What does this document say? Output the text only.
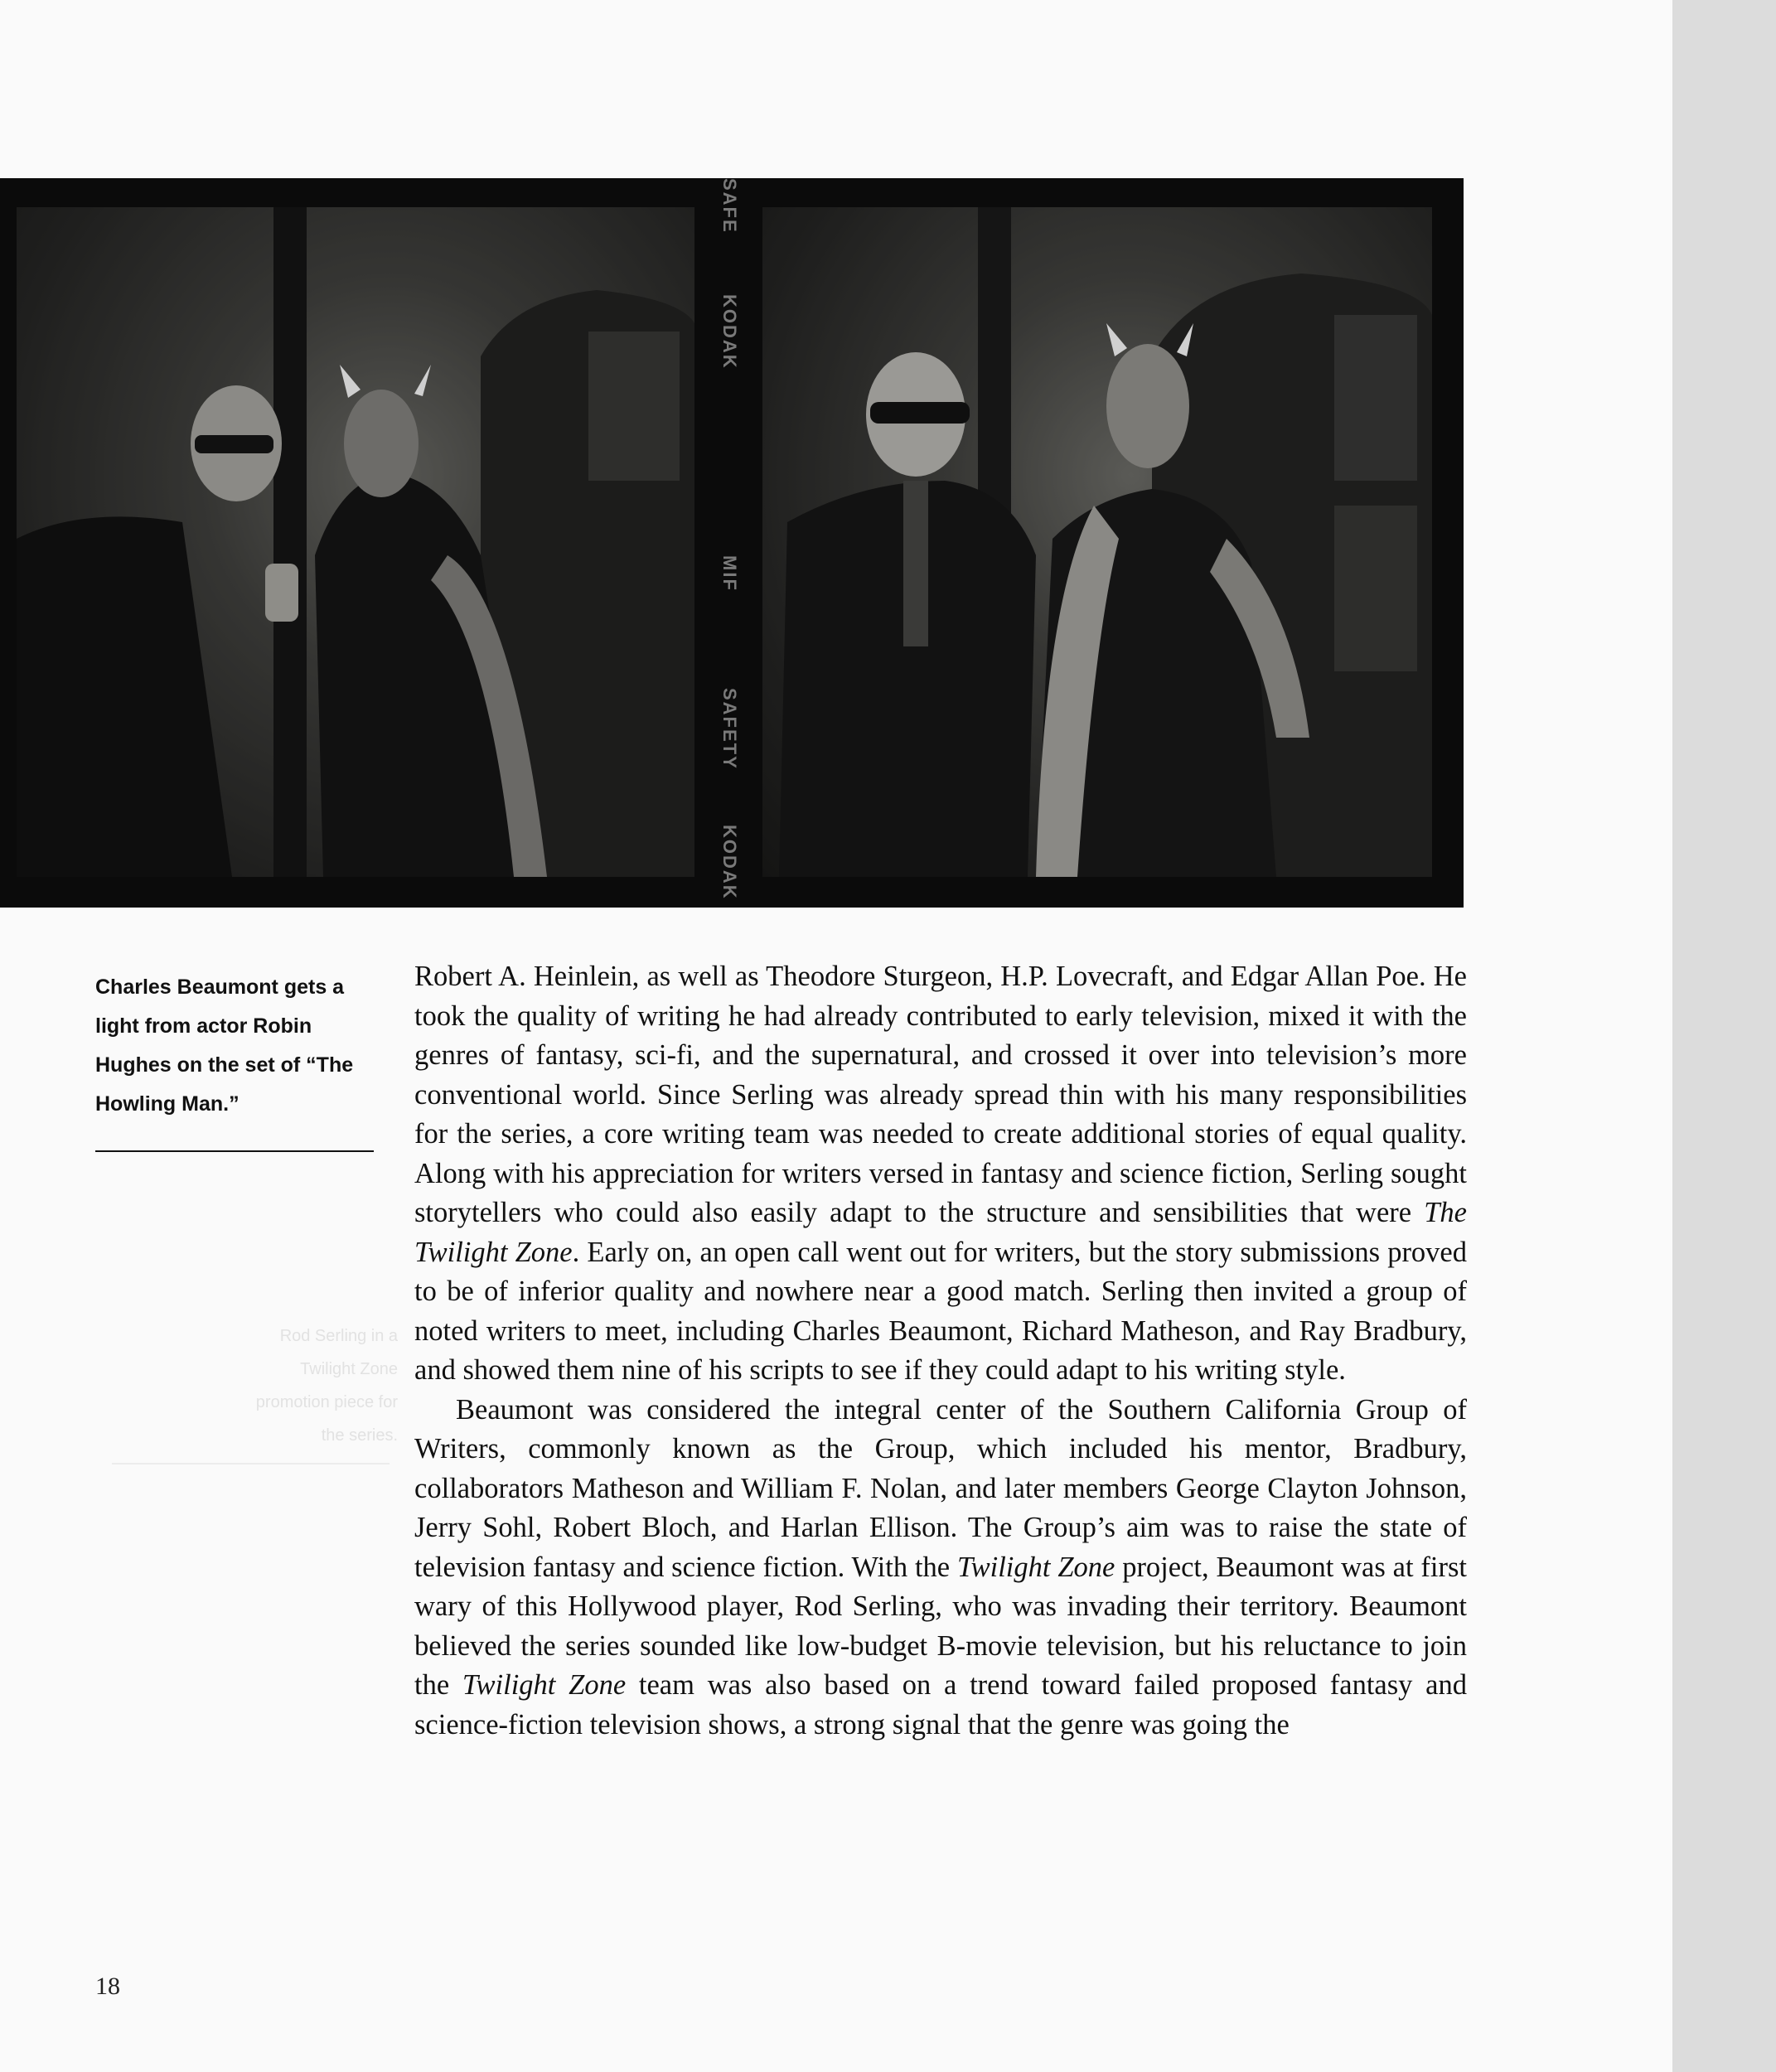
SAFE
KODAK
MIF
SAFETY
KODAK
Charles Beaumont gets a light from actor Robin Hughes on the set of “The Howling Man.”
Rod Serling in a Twilight Zone promotion piece for the series.

Robert A. Heinlein, as well as Theodore Sturgeon, H.P. Lovecraft, and Edgar Allan Poe. He took the quality of writing he had already contributed to early television, mixed it with the genres of fantasy, sci-fi, and the supernatural, and crossed it over into television’s more conventional world. Since Serling was already spread thin with his many responsibilities for the series, a core writing team was needed to create additional stories of equal quality. Along with his appreciation for writers versed in fantasy and science fiction, Serling sought storytellers who could also easily adapt to the structure and sensibilities that were The Twilight Zone. Early on, an open call went out for writers, but the story submissions proved to be of inferior quality and nowhere near a good match. Serling then invited a group of noted writers to meet, including Charles Beaumont, Richard Matheson, and Ray Bradbury, and showed them nine of his scripts to see if they could adapt to his writing style.

Beaumont was considered the integral center of the Southern California Group of Writers, commonly known as the Group, which included his mentor, Bradbury, collaborators Matheson and William F. Nolan, and later members George Clayton Johnson, Jerry Sohl, Robert Bloch, and Harlan Ellison. The Group’s aim was to raise the state of television fantasy and science fiction. With the Twilight Zone project, Beaumont was at first wary of this Hollywood player, Rod Serling, who was invading their territory. Beaumont believed the series sounded like low-budget B-movie television, but his reluctance to join the Twilight Zone team was also based on a trend toward failed proposed fantasy and science-fiction television shows, a strong signal that the genre was going the

18
